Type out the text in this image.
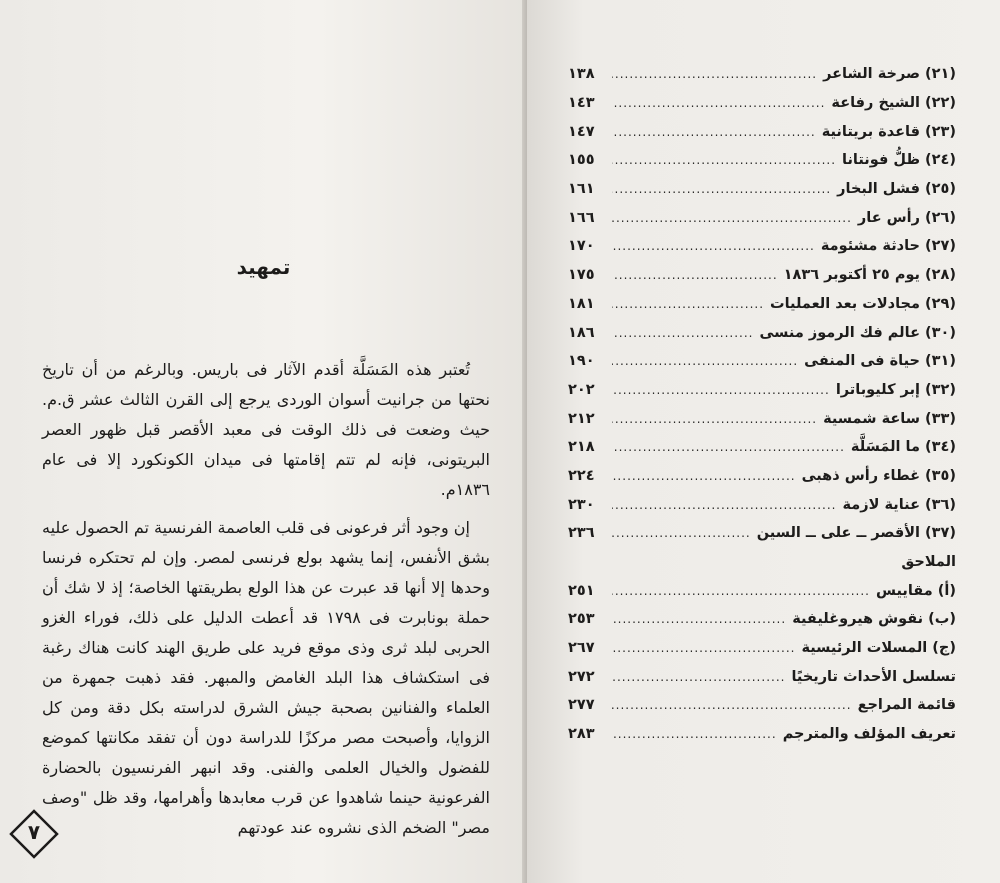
تمهيد

تُعتبر هذه المَسَلَّة أقدم الآثار فى باريس. وبالرغم من أن تاريخ نحتها من جرانيت أسوان الوردى يرجع إلى القرن الثالث عشر ق.م. حيث وضعت فى ذلك الوقت فى معبد الأقصر قبل ظهور العصر البريتونى، فإنه لم تتم إقامتها فى ميدان الكونكورد إلا فى عام ١٨٣٦م.

إن وجود أثر فرعونى فى قلب العاصمة الفرنسية تم الحصول عليه بشق الأنفس، إنما يشهد بولع فرنسى لمصر. وإن لم تحتكره فرنسا وحدها إلا أنها قد عبرت عن هذا الولع بطريقتها الخاصة؛ إذ لا شك أن حملة بونابرت فى ١٧٩٨ قد أعطت الدليل على ذلك، فوراء الغزو الحربى لبلد ثرى وذى موقع فريد على طريق الهند كانت هناك رغبة فى استكشاف هذا البلد الغامض والمبهر. فقد ذهبت جمهرة من العلماء والفنانين بصحبة جيش الشرق لدراسته بكل دقة ومن كل الزوايا، وأصبحت مصر مركزًا للدراسة دون أن تفقد مكانتها كموضع للفضول والخيال العلمى والفنى. وقد انبهر الفرنسيون بالحضارة الفرعونية حينما شاهدوا عن قرب معابدها وأهرامها، وقد ظل "وصف مصر" الضخم الذى نشروه عند عودتهم

٧
(٢١) صرخة الشاعر
.....
١٣٨
(٢٢) الشيخ رفاعة
.....
١٤٣
(٢٣) قاعدة بريتانية
.....
١٤٧
(٢٤) ظلُّ فونتانا
.....
١٥٥
(٢٥) فشل البخار
.....
١٦١
(٢٦) رأس عار
.....
١٦٦
(٢٧) حادثة مشئومة
.....
١٧٠
(٢٨) يوم ٢٥ أكتوبر ١٨٣٦
.....
١٧٥
(٢٩) مجادلات بعد العمليات
.....
١٨١
(٣٠) عالم فك الرموز منسى
.....
١٨٦
(٣١) حياة فى المنفى
.....
١٩٠
(٣٢) إبر كليوباترا
.....
٢٠٢
(٣٣) ساعة شمسية
.....
٢١٢
(٣٤) ما المَسَلَّة
.....
٢١٨
(٣٥) غطاء رأس ذهبى
.....
٢٢٤
(٣٦) عناية لازمة
.....
٢٣٠
(٣٧) الأقصر ــ على ــ السين
.....
٢٣٦
الملاحق
(أ) مقاييس
.....
٢٥١
(ب) نقوش هيروغليفية
.....
٢٥٣
(ج) المسلات الرئيسية
.....
٢٦٧
تسلسل الأحداث تاريخيًا
.....
٢٧٢
قائمة المراجع
.....
٢٧٧
تعريف المؤلف والمترجم
.....
٢٨٣
